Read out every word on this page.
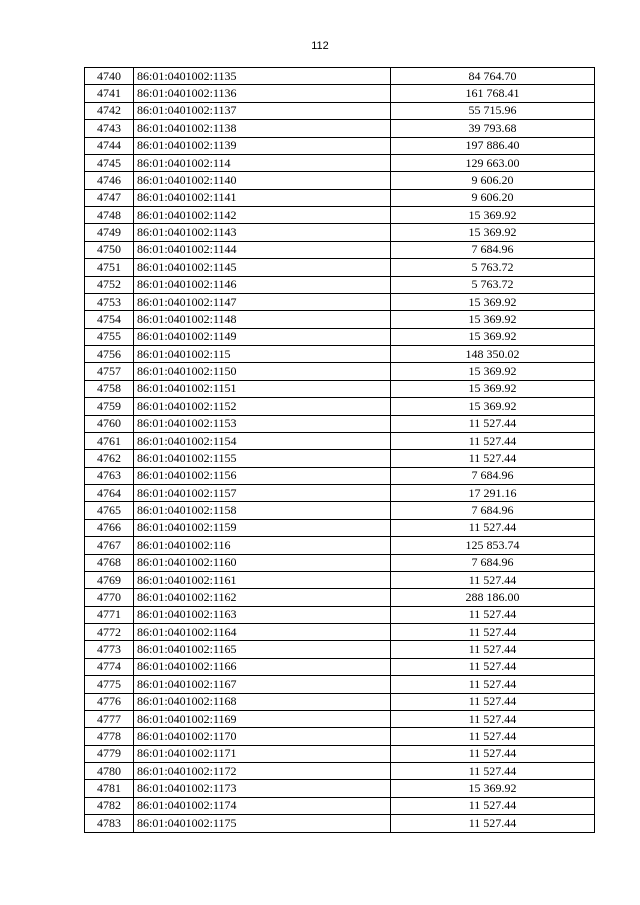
112
4740	86:01:0401002:1135	84 764.70
4741	86:01:0401002:1136	161 768.41
4742	86:01:0401002:1137	55 715.96
4743	86:01:0401002:1138	39 793.68
4744	86:01:0401002:1139	197 886.40
4745	86:01:0401002:114	129 663.00
4746	86:01:0401002:1140	9 606.20
4747	86:01:0401002:1141	9 606.20
4748	86:01:0401002:1142	15 369.92
4749	86:01:0401002:1143	15 369.92
4750	86:01:0401002:1144	7 684.96
4751	86:01:0401002:1145	5 763.72
4752	86:01:0401002:1146	5 763.72
4753	86:01:0401002:1147	15 369.92
4754	86:01:0401002:1148	15 369.92
4755	86:01:0401002:1149	15 369.92
4756	86:01:0401002:115	148 350.02
4757	86:01:0401002:1150	15 369.92
4758	86:01:0401002:1151	15 369.92
4759	86:01:0401002:1152	15 369.92
4760	86:01:0401002:1153	11 527.44
4761	86:01:0401002:1154	11 527.44
4762	86:01:0401002:1155	11 527.44
4763	86:01:0401002:1156	7 684.96
4764	86:01:0401002:1157	17 291.16
4765	86:01:0401002:1158	7 684.96
4766	86:01:0401002:1159	11 527.44
4767	86:01:0401002:116	125 853.74
4768	86:01:0401002:1160	7 684.96
4769	86:01:0401002:1161	11 527.44
4770	86:01:0401002:1162	288 186.00
4771	86:01:0401002:1163	11 527.44
4772	86:01:0401002:1164	11 527.44
4773	86:01:0401002:1165	11 527.44
4774	86:01:0401002:1166	11 527.44
4775	86:01:0401002:1167	11 527.44
4776	86:01:0401002:1168	11 527.44
4777	86:01:0401002:1169	11 527.44
4778	86:01:0401002:1170	11 527.44
4779	86:01:0401002:1171	11 527.44
4780	86:01:0401002:1172	11 527.44
4781	86:01:0401002:1173	15 369.92
4782	86:01:0401002:1174	11 527.44
4783	86:01:0401002:1175	11 527.44
